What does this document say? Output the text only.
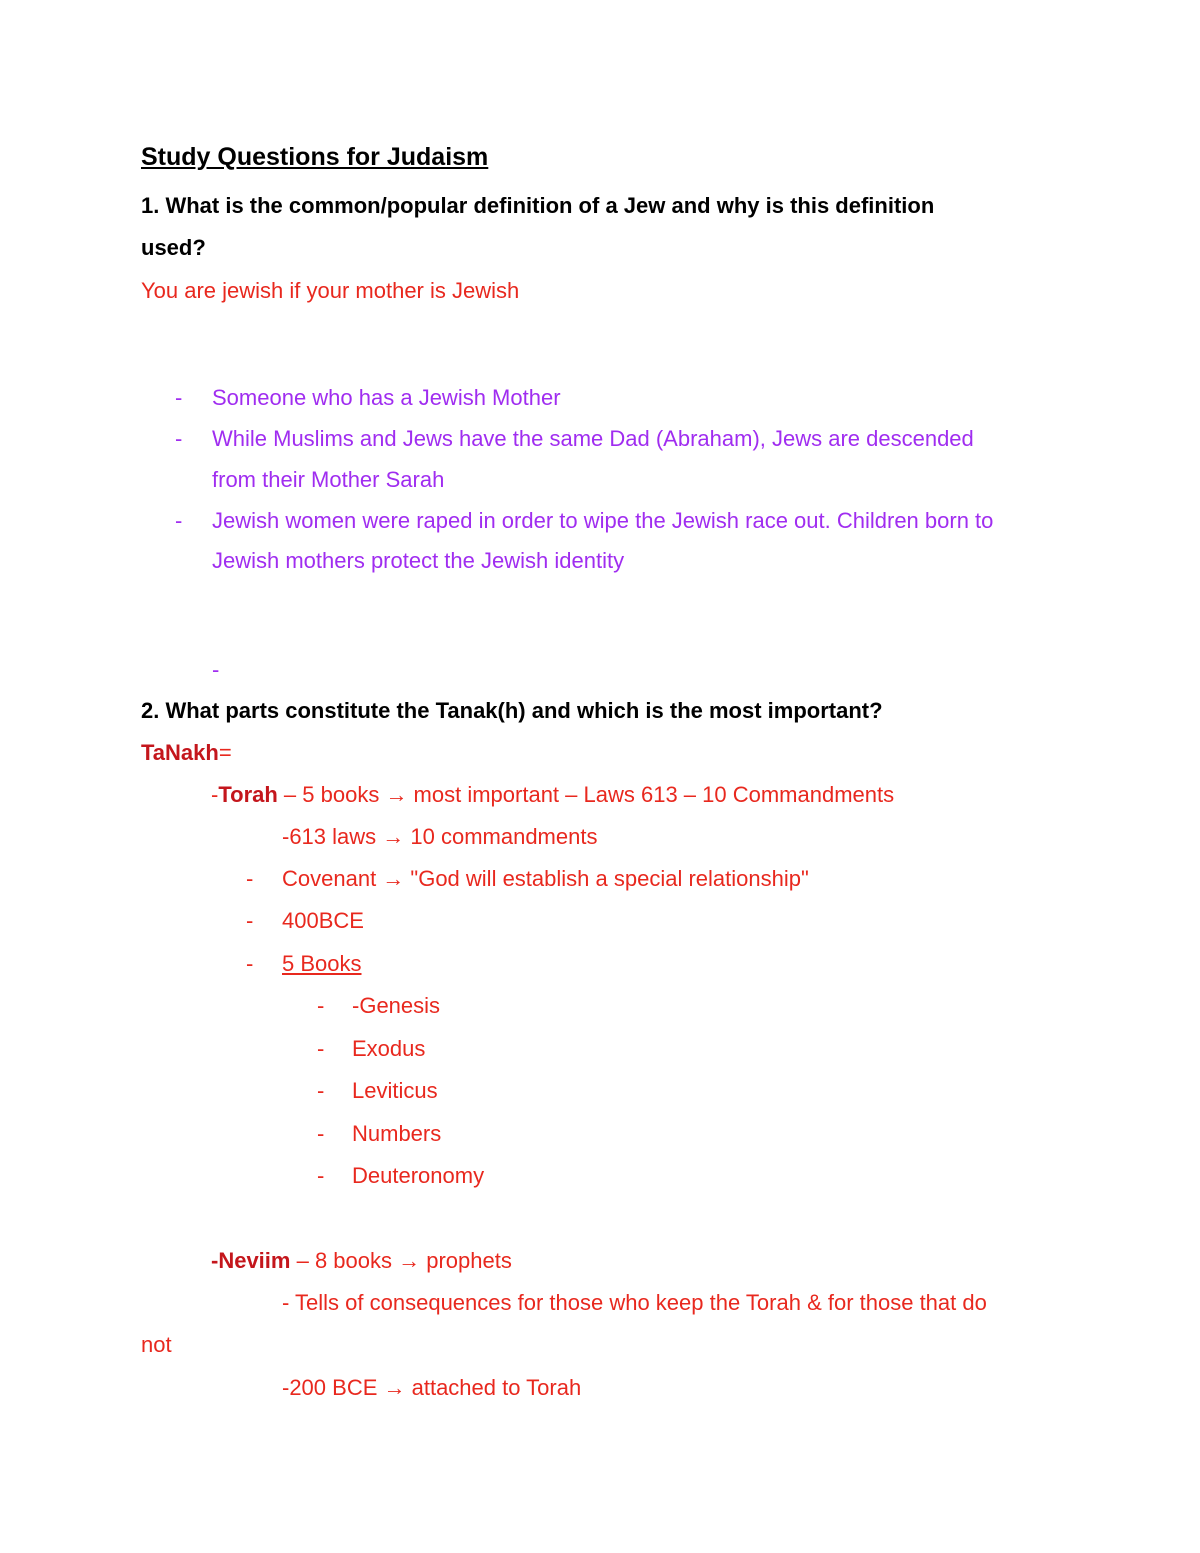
Study Questions for Judaism
1. What is the common/popular definition of a Jew and why is this definition
used?
You are jewish if your mother is Jewish
- Someone who has a Jewish Mother
- While Muslims and Jews have the same Dad (Abraham), Jews are descended
from their Mother Sarah
- Jewish women were raped in order to wipe the Jewish race out. Children born to
Jewish mothers protect the Jewish identity
-
2. What parts constitute the Tanak(h) and which is the most important?
TaNakh=
-Torah – 5 books → most important – Laws 613 – 10 Commandments
-613 laws → 10 commandments
- Covenant → "God will establish a special relationship"
- 400BCE
- 5 Books
- -Genesis
- Exodus
- Leviticus
- Numbers
- Deuteronomy
-Neviim – 8 books → prophets
- Tells of consequences for those who keep the Torah & for those that do
not
-200 BCE → attached to Torah
